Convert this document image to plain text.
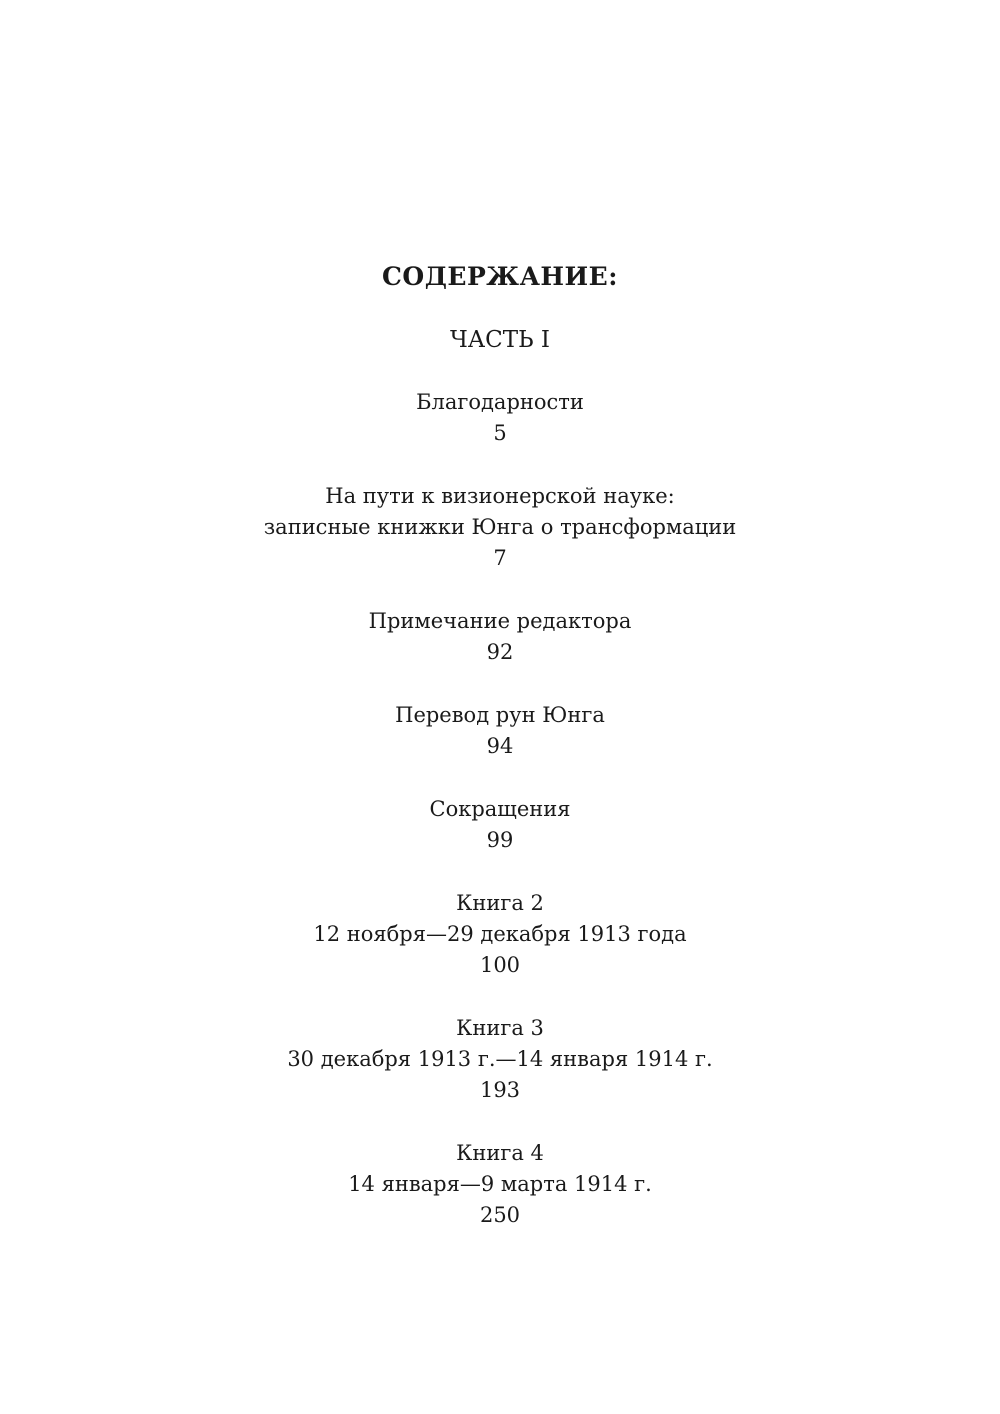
СОДЕРЖАНИЕ:
ЧАСТЬ I
Благодарности
5
На пути к визионерской науке:
записные книжки Юнга о трансформации
7
Примечание редактора
92
Перевод рун Юнга
94
Сокращения
99
Книга 2
12 ноября—29 декабря 1913 года
100
Книга 3
30 декабря 1913 г.—14 января 1914 г.
193
Книга 4
14 января—9 марта 1914 г.
250
